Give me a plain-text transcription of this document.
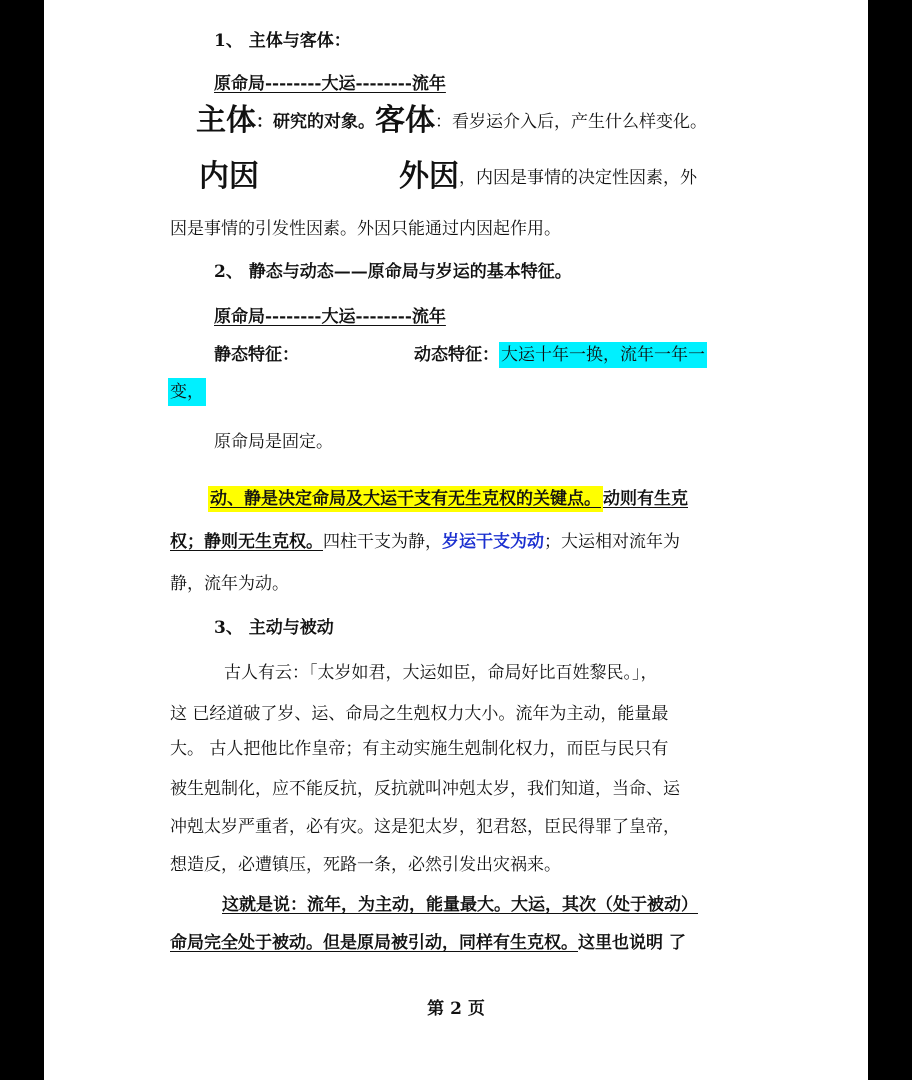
1、 主体与客体：
原命局--------大运--------流年
主体：研究的对象。客体：看岁运介入后，产生什么样变化。
内因	外因，内因是事情的决定性因素，外
因是事情的引发性因素。外因只能通过内因起作用。
2、 静态与动态——原命局与岁运的基本特征。
原命局--------大运--------流年
静态特征：	动态特征： 大运十年一换，流年一年一
变，
原命局是固定。
动、静是决定命局及大运干支有无生克权的关键点。 动则有生克
权；静则无生克权。四柱干支为静，岁运干支为动；大运相对流年为
静，流年为动。
3、 主动与被动
古人有云：「太岁如君，大运如臣，命局好比百姓黎民。」，
这 已经道破了岁、运、命局之生剋权力大小。流年为主动，能量最
大。 古人把他比作皇帝；有主动实施生剋制化权力，而臣与民只有
被生剋制化，应不能反抗，反抗就叫冲剋太岁，我们知道，当命、运
冲剋太岁严重者，必有灾。这是犯太岁，犯君怒，臣民得罪了皇帝，
想造反，必遭镇压，死路一条，必然引发出灾祸来。
这就是说：流年，为主动，能量最大。大运，其次（处于被动）
命局完全处于被动。但是原局被引动，同样有生克权。这里也说明 了
第 2 页
